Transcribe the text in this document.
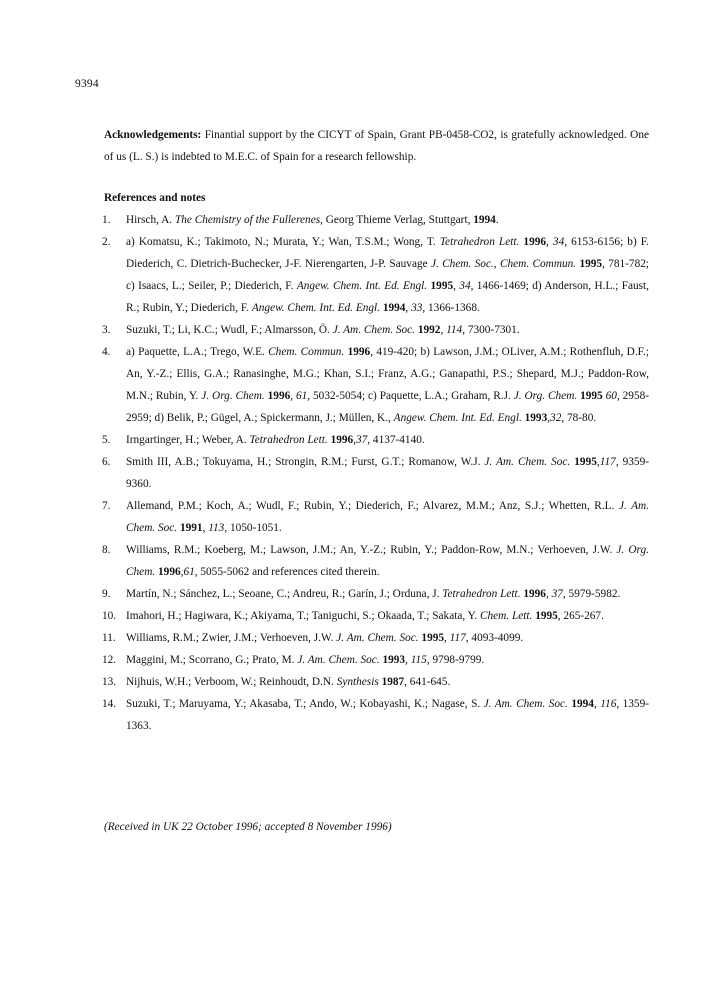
9394

Acknowledgements: Finantial support by the CICYT of Spain, Grant PB-0458-CO2, is gratefully acknowledged. One of us (L. S.) is indebted to M.E.C. of Spain for a research fellowship.

References and notes
1.	Hirsch, A. The Chemistry of the Fullerenes, Georg Thieme Verlag, Stuttgart, 1994.
2.	a) Komatsu, K.; Takimoto, N.; Murata, Y.; Wan, T.S.M.; Wong, T. Tetrahedron Lett. 1996, 34, 6153-6156; b) F. Diederich, C. Dietrich-Buchecker, J-F. Nierengarten, J-P. Sauvage J. Chem. Soc., Chem. Commun. 1995, 781-782; c) Isaacs, L.; Seiler, P.; Diederich, F. Angew. Chem. Int. Ed. Engl. 1995, 34, 1466-1469; d) Anderson, H.L.; Faust, R.; Rubin, Y.; Diederich, F. Angew. Chem. Int. Ed. Engl. 1994, 33, 1366-1368.
3.	Suzuki, T.; Li, K.C.; Wudl, F.; Almarsson, Ö. J. Am. Chem. Soc. 1992, 114, 7300-7301.
4.	a) Paquette, L.A.; Trego, W.E. Chem. Commun. 1996, 419-420; b) Lawson, J.M.; OLiver, A.M.; Rothenfluh, D.F.; An, Y.-Z.; Ellis, G.A.; Ranasinghe, M.G.; Khan, S.I.; Franz, A.G.; Ganapathi, P.S.; Shepard, M.J.; Paddon-Row, M.N.; Rubin, Y. J. Org. Chem. 1996, 61, 5032-5054; c) Paquette, L.A.; Graham, R.J. J. Org. Chem. 1995 60, 2958-2959; d) Belik, P.; Gügel, A.; Spickermann, J.; Müllen, K., Angew. Chem. Int. Ed. Engl. 1993,32, 78-80.
5.	Irngartinger, H.; Weber, A. Tetrahedron Lett. 1996,37, 4137-4140.
6.	Smith III, A.B.; Tokuyama, H.; Strongin, R.M.; Furst, G.T.; Romanow, W.J. J. Am. Chem. Soc. 1995,117, 9359-9360.
7.	Allemand, P.M.; Koch, A.; Wudl, F.; Rubin, Y.; Diederich, F.; Alvarez, M.M.; Anz, S.J.; Whetten, R.L. J. Am. Chem. Soc. 1991, 113, 1050-1051.
8.	Williams, R.M.; Koeberg, M.; Lawson, J.M.; An, Y.-Z.; Rubin, Y.; Paddon-Row, M.N.; Verhoeven, J.W. J. Org. Chem. 1996,61, 5055-5062 and references cited therein.
9.	Martín, N.; Sánchez, L.; Seoane, C.; Andreu, R.; Garín, J.; Orduna, J. Tetrahedron Lett. 1996, 37, 5979-5982.
10. Imahori, H.; Hagiwara, K.; Akiyama, T.; Taniguchi, S.; Okaada, T.; Sakata, Y. Chem. Lett. 1995, 265-267.
11. Williams, R.M.; Zwier, J.M.; Verhoeven, J.W. J. Am. Chem. Soc. 1995, 117, 4093-4099.
12. Maggini, M.; Scorrano, G.; Prato, M. J. Am. Chem. Soc. 1993, 115, 9798-9799.
13. Nijhuis, W.H.; Verboom, W.; Reinhoudt, D.N. Synthesis 1987, 641-645.
14. Suzuki, T.; Maruyama, Y.; Akasaba, T.; Ando, W.; Kobayashi, K.; Nagase, S. J. Am. Chem. Soc. 1994, 116, 1359-1363.
(Received in UK 22 October 1996; accepted 8 November 1996)
